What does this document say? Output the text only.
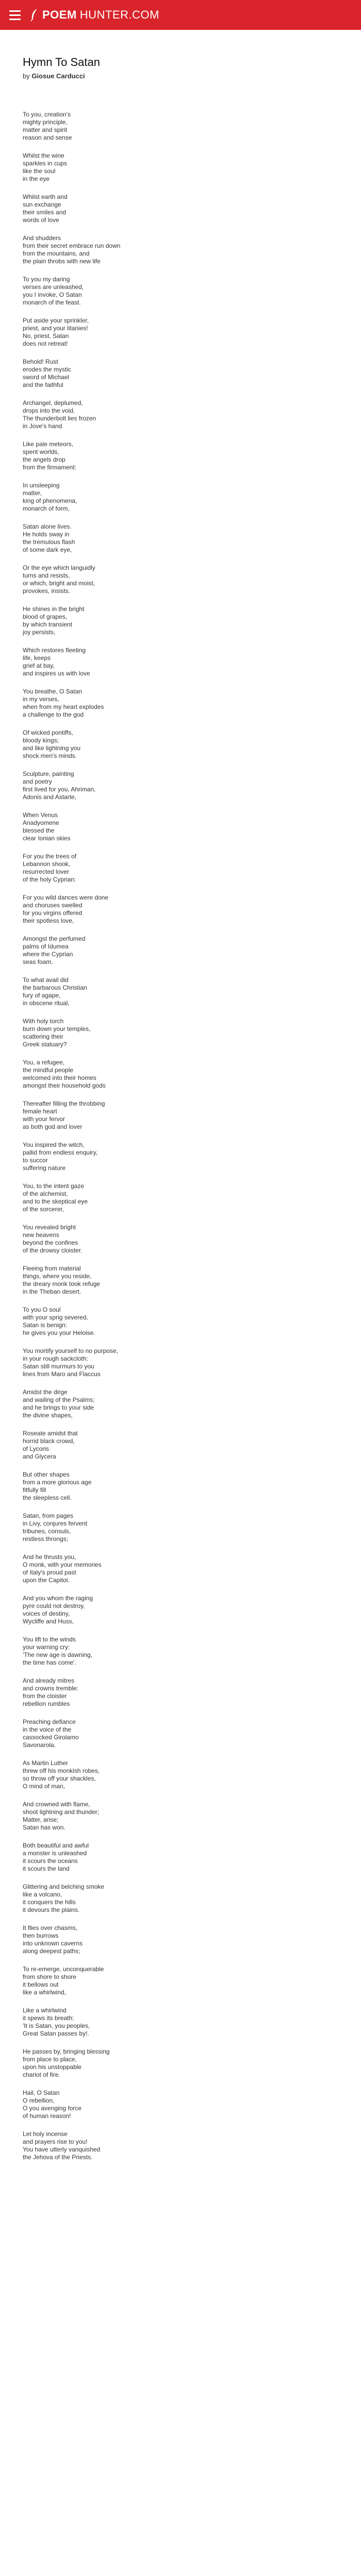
POEM HUNTER.COM
Hymn To Satan
by Giosue Carducci
To you, creation's
mighty principle,
matter and spirit
reason and sense
Whilst the wine
sparkles in cups
like the soul
in the eye
Whilst earth and
sun exchange
their smiles and
words of love
And shudders
from their secret embrace run down
from the mountains, and
the plain throbs with new life
To you my daring
verses are unleashed,
you I invoke, O Satan
monarch of the feast.
Put aside your sprinkler,
priest, and your litanies!
No, priest, Satan
does not retreat!
Behold! Rust
erodes the mystic
sword of Michael
and the faithful
Archangel, deplumed,
drops into the void.
The thunderbolt lies frozen
in Jove's hand
Like pale meteors,
spent worlds,
the angels drop
from the firmament:
In unsleeping
matter,
king of phenomena,
monarch of form,
Satan alone lives.
He holds sway in
the tremulous flash
of some dark eye,
Or the eye which languidly
turns and resists,
or which, bright and moist,
provokes, insists.
He shines in the bright
blood of grapes,
by which transient
joy persists,
Which restores fleeting
life, keeps
grief at bay,
and inspires us with love
You breathe, O Satan
in my verses,
when from my heart explodes
a challenge to the god
Of wicked pontiffs,
bloody kings;
and like lightning you
shock men's minds.
Sculpture, painting
and poetry
first lived for you, Ahriman,
Adonis and Astarte,
When Venus
Anadyomene
blessed the
clear Ionian skies
For you the trees of
Lebannon shook,
resurrected lover
of the holy Cyprian:
For you wild dances were done
and choruses swelled
for you virgins offered
their spotless love,
Amongst the perfumed
palms of Idumea
where the Cyprian
seas foam.
To what avail did
the barbarous Christian
fury of agape,
in obscene ritual,
With holy torch
burn down your temples,
scattering their
Greek statuary?
You, a refugee,
the mindful people
welcomed into their homes
amongst their household gods
Thereafter filling the throbbing
female heart
with your fervor
as both god and lover
You inspired the witch,
pallid from endless enquiry,
to succor
suffering nature
You, to the intent gaze
of the alchemist,
and to the skeptical eye
of the sorcerer,
You revealed bright
new heavens
beyond the confines
of the drowsy cloister.
Fleeing from material
things, where you reside,
the dreary monk took refuge
in the Theban desert.
To you O soul
with your sprig severed,
Satan is benign:
he gives you your Heloise.
You mortify yourself to no purpose,
in your rough sackcloth:
Satan still murmurs to you
lines from Maro and Flaccus
Amidst the dirge
and wailing of the Psalms;
and he brings to your side
the divine shapes,
Roseate amidst that
horrid black crowd,
of Lycoris
and Glycera
But other shapes
from a more glorious age
fitfully fill
the sleepless cell.
Satan, from pages
in Livy, conjures fervent
tribunes, consuls,
restless throngs;
And he thrusts you,
O monk, with your memories
of Italy's proud past
upon the Capitol.
And you whom the raging
pyre could not destroy,
voices of destiny,
Wycliffe and Huss,
You lift to the winds
your warning cry:
'The new age is dawning,
the time has come'.
And already mitres
and crowns tremble:
from the cloister
rebellion rumbles
Preaching defiance
in the voice of the
cassocked Girolamo
Savonarola.
As Martin Luther
threw off his monkish robes,
so throw off your shackles,
O mind of man,
And crowned with flame,
shoot lightning and thunder;
Matter, arise;
Satan has won.
Both beautiful and awful
a monster is unleashed
it scours the oceans
it scours the land
Glittering and belching smoke
like a volcano,
it conquers the hills
it devours the plains.
It flies over chasms,
then burrows
into unknown caverns
along deepest paths;
To re-emerge, unconquerable
from shore to shore
it bellows out
like a whirlwind,
Like a whirlwind
it spews its breath:
'It is Satan, you peoples,
Great Satan passes by!.
He passes by, bringing blessing
from place to place,
upon his unstoppable
chariot of fire.
Hail, O Satan
O rebellion,
O you avenging force
of human reason!
Let holy incense
and prayers rise to you!
You have utterly vanquished
the Jehova of the Priests.
